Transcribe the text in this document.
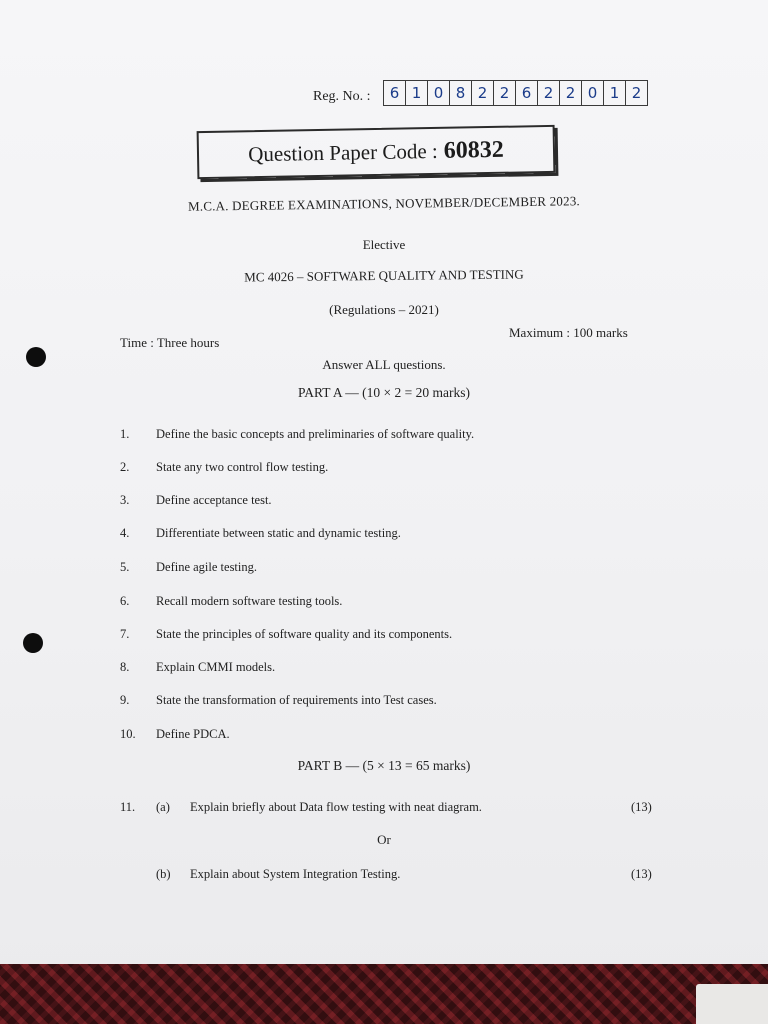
Reg. No. :	6 1 0 8 2 2 6 2 2 0 1 2
Question Paper Code : 60832
M.C.A. DEGREE EXAMINATIONS, NOVEMBER/DECEMBER 2023.
Elective
MC 4026 – SOFTWARE QUALITY AND TESTING
(Regulations – 2021)
Time : Three hours
Maximum : 100 marks
Answer ALL questions.
PART A — (10 × 2 = 20 marks)
1. Define the basic concepts and preliminaries of software quality.
2. State any two control flow testing.
3. Define acceptance test.
4. Differentiate between static and dynamic testing.
5. Define agile testing.
6. Recall modern software testing tools.
7. State the principles of software quality and its components.
8. Explain CMMI models.
9. State the transformation of requirements into Test cases.
10. Define PDCA.
PART B — (5 × 13 = 65 marks)
11. (a) Explain briefly about Data flow testing with neat diagram.	(13)
Or
(b) Explain about System Integration Testing.	(13)
